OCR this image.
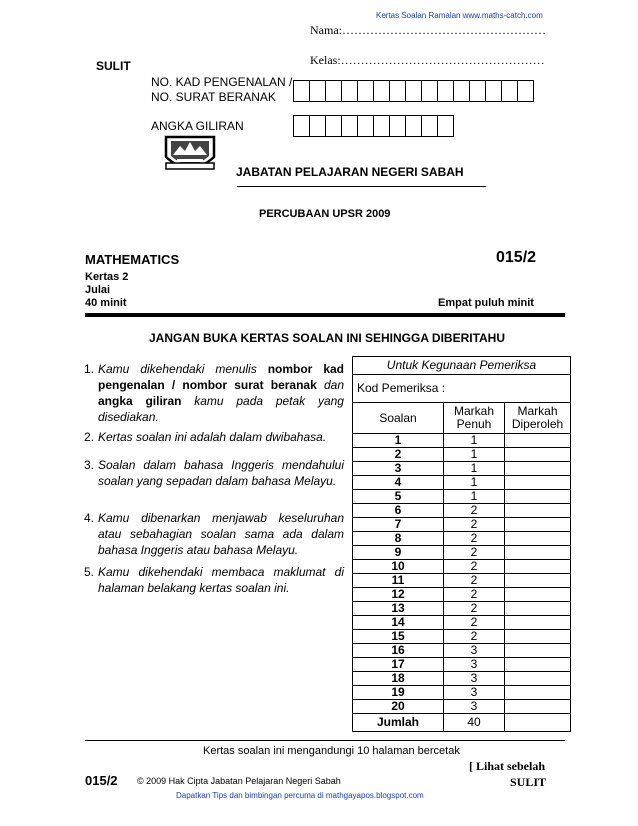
Kertas Soalan Ramalan www.maths-catch.com
Nama:……………………………………………
Kelas:……………………………………………
SULIT
NO. KAD PENGENALAN /
NO. SURAT BERANAK
ANGKA GILIRAN
JABATAN PELAJARAN NEGERI SABAH
PERCUBAAN UPSR 2009
MATHEMATICS	015/2
Kertas 2
Julai
40 minit	Empat puluh minit
JANGAN BUKA KERTAS SOALAN INI SEHINGGA DIBERITAHU
1. Kamu dikehendaki menulis nombor kad pengenalan / nombor surat beranak dan angka giliran kamu pada petak yang disediakan.
2. Kertas soalan ini adalah dalam dwibahasa.
3. Soalan dalam bahasa Inggeris mendahului soalan yang sepadan dalam bahasa Melayu.
4. Kamu dibenarkan menjawab keseluruhan atau sebahagian soalan sama ada dalam bahasa Inggeris atau bahasa Melayu.
5. Kamu dikehendaki membaca maklumat di halaman belakang kertas soalan ini.
Untuk Kegunaan Pemeriksa		
Kod Pemeriksa :		
Soalan	Markah Penuh	Markah Diperoleh
1	1	
2	1	
3	1	
4	1	
5	1	
6	2	
7	2	
8	2	
9	2	
10	2	
11	2	
12	2	
13	2	
14	2	
15	2	
16	3	
17	3	
18	3	
19	3	
20	3	
Jumlah	40	
Kertas soalan ini mengandungi 10 halaman bercetak
[ Lihat sebelah
015/2 © 2009 Hak Cipta Jabatan Pelajaran Negeri Sabah	SULIT
Dapatkan Tips dan bimbingan percuma di mathgayapos.blogspot.com
